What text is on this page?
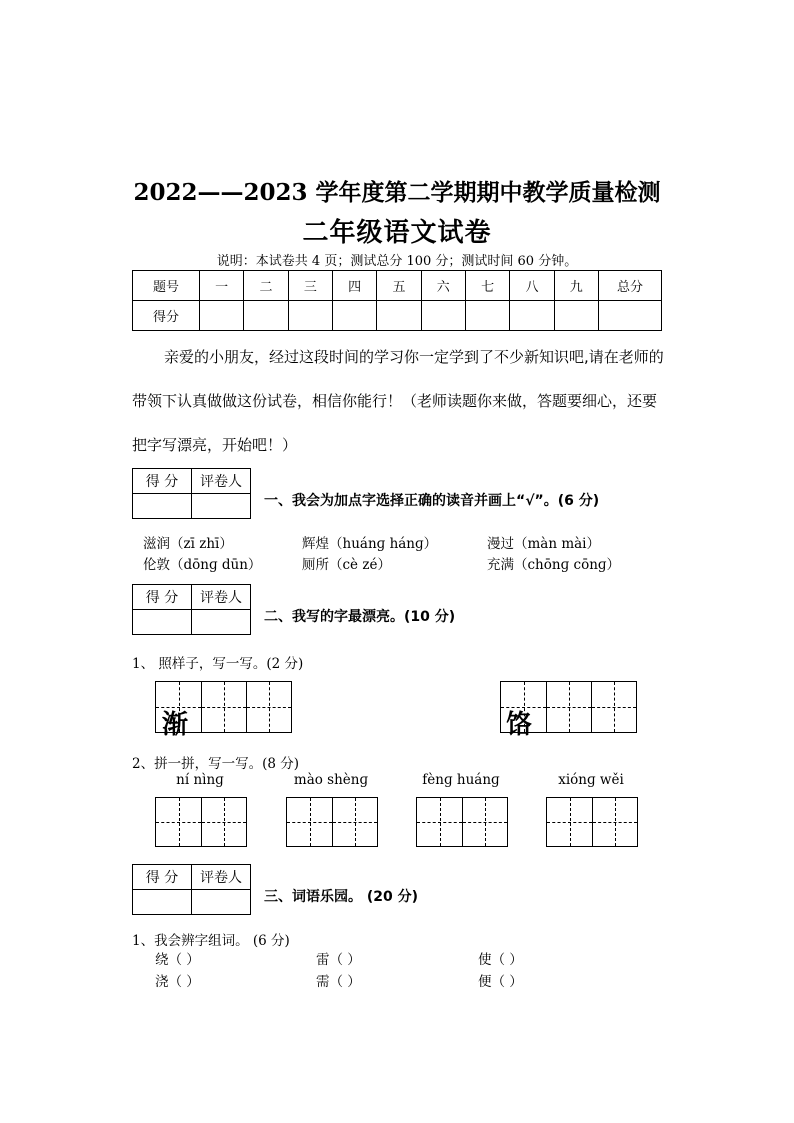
2022——2023 学年度第二学期期中教学质量检测
二年级语文试卷
说明：本试卷共 4 页；测试总分 100 分；测试时间 60 分钟。
题号	一	二	三	四	五	六	七	八	九	总分
得分										
亲爱的小朋友，经过这段时间的学习你一定学到了不少新知识吧,请在老师的带领下认真做做这份试卷，相信你能行！（老师读题你来做，答题要细心，还要把字写漂亮，开始吧！）
得 分	评卷人

一、我会为加点字选择正确的读音并画上“√”。(6 分)
滋润（zī zhī）	辉煌（huánɡ hánɡ）	漫过（màn mài）
伦敦（dōnɡ dūn）	厕所（cè zé）	充满（chōnɡ cōnɡ）
得 分	评卷人

二、我写的字最漂亮。(10 分)
1、 照样子，写一写。(2 分)
渐	饹
2、拼一拼，写一写。(8 分)
ní nìnɡ	mào shènɡ	fènɡ huánɡ	xiónɡ wěi
得 分	评卷人

三、词语乐园。 (20 分)
1、我会辨字组词。 (6 分)
绕（ ）	雷（ ）	使（ ）
浇（ ）	需（ ）	便（ ）
